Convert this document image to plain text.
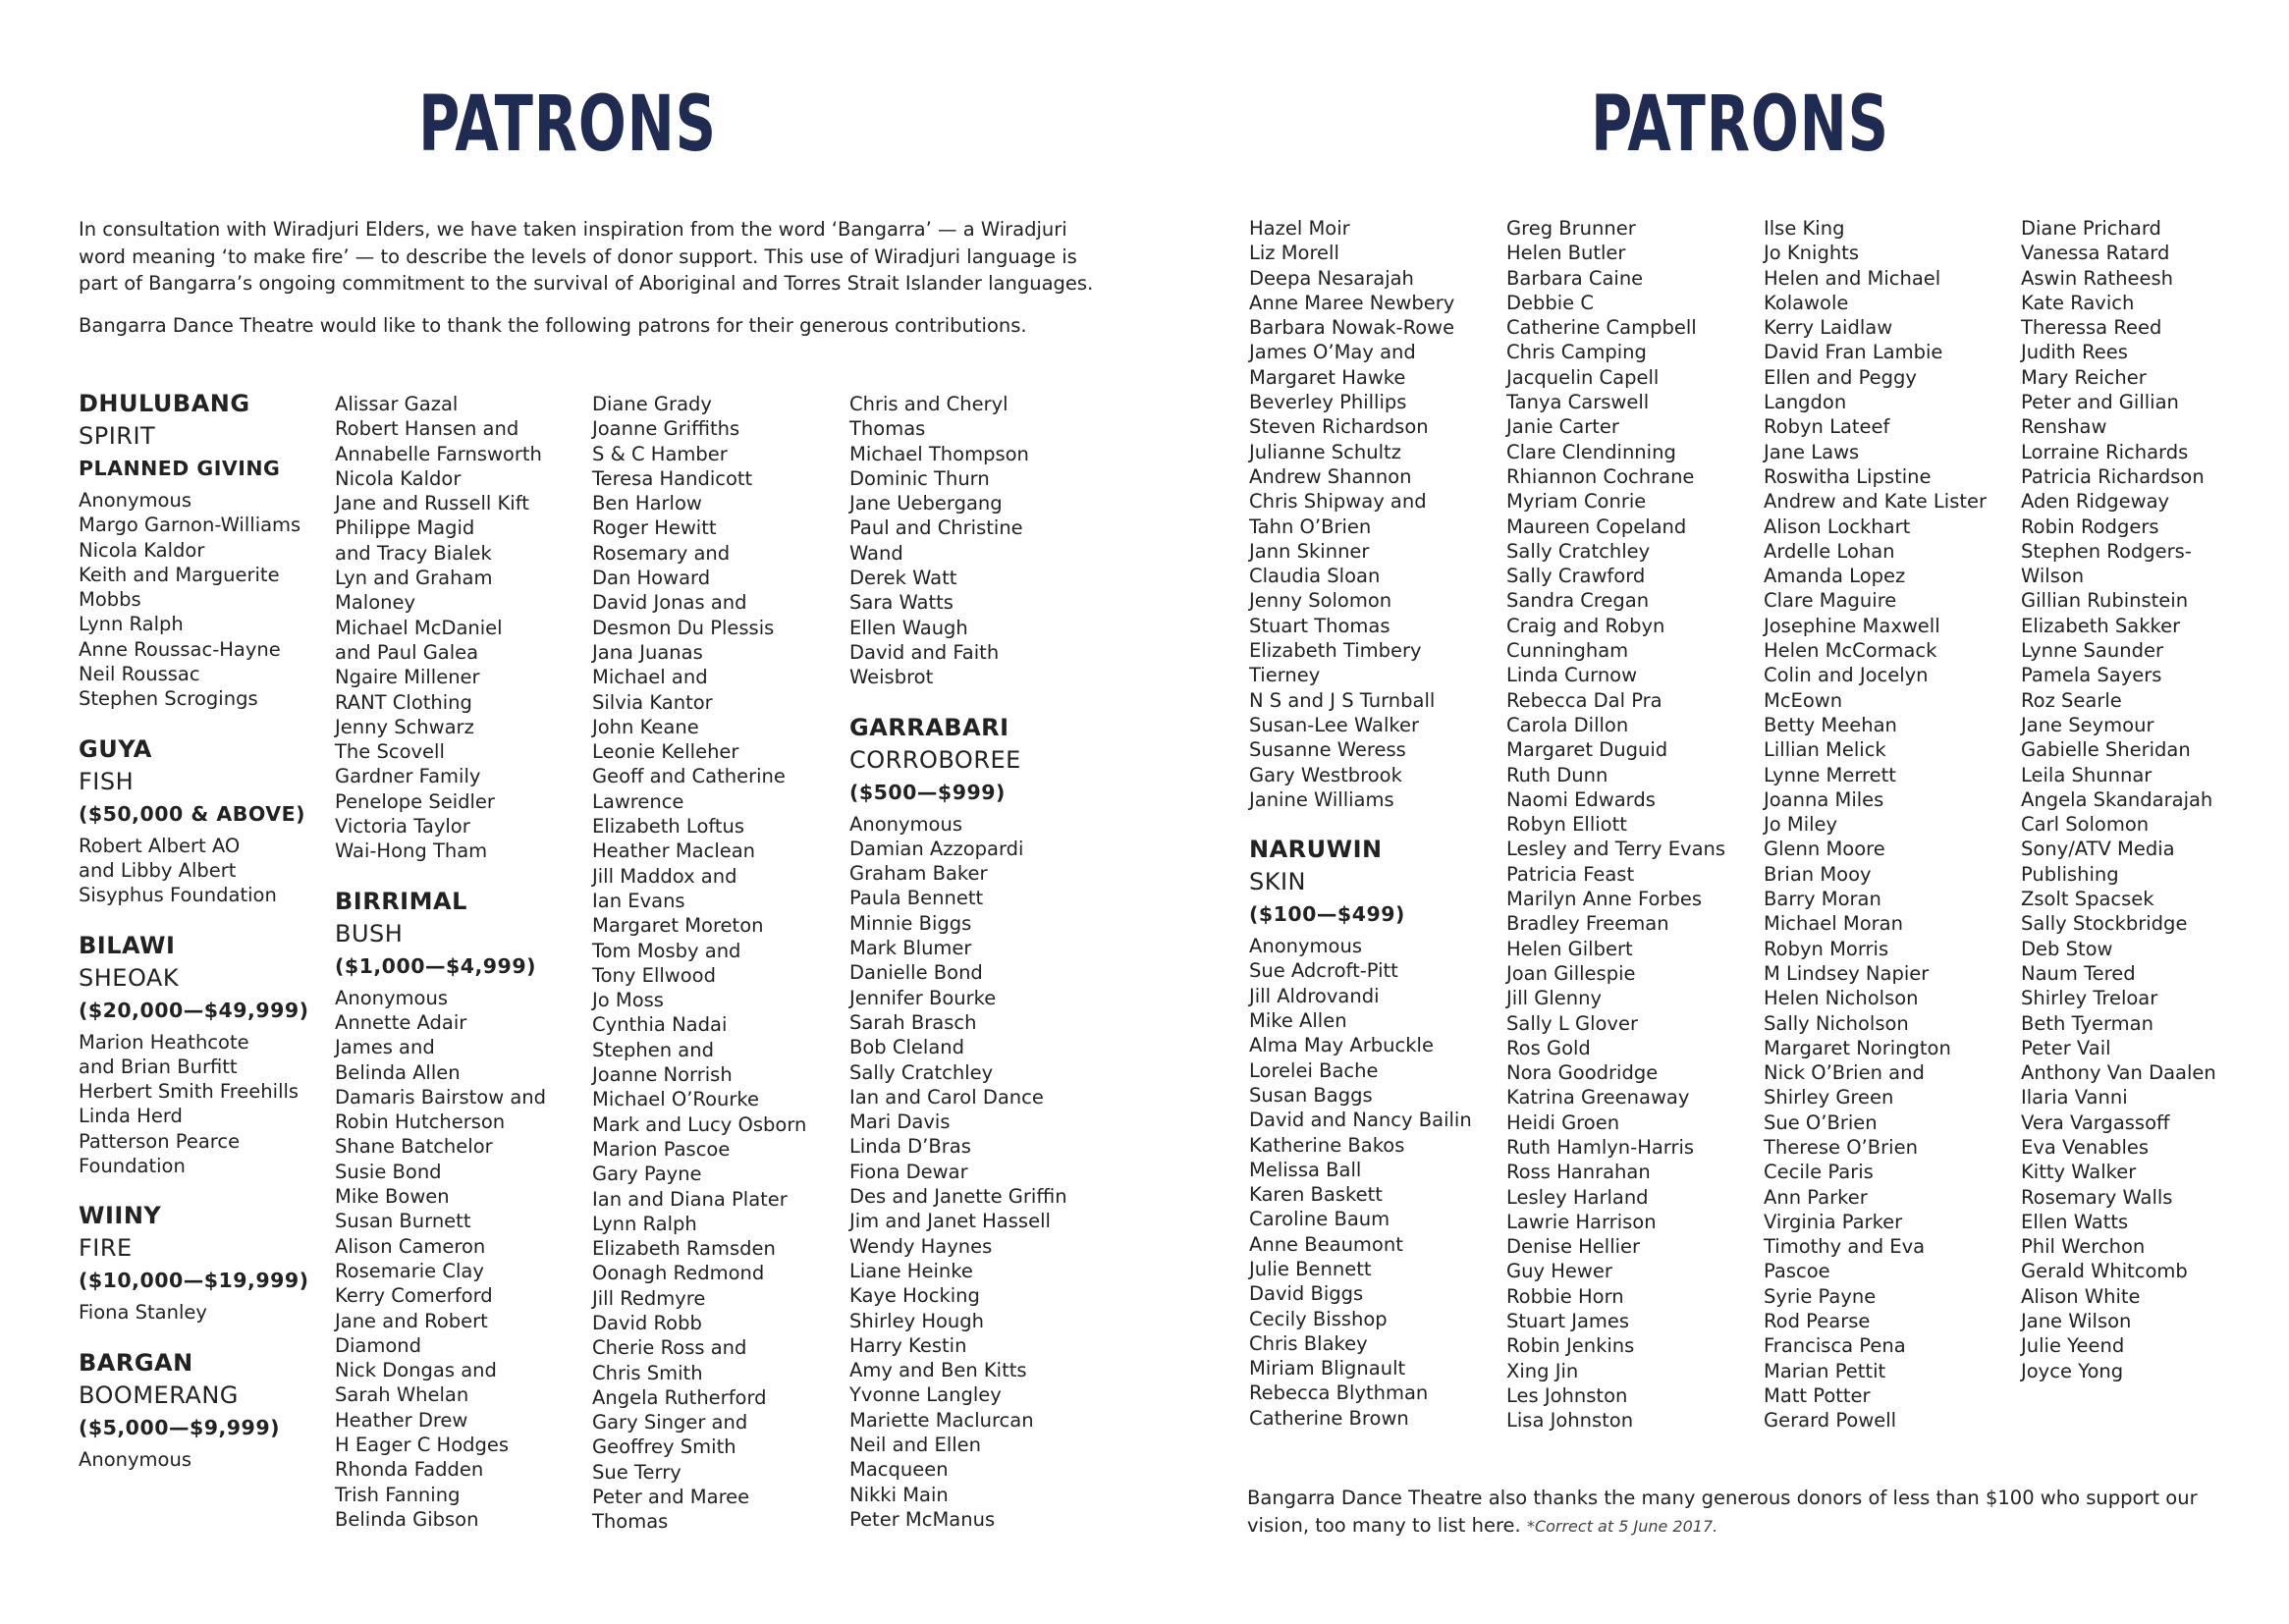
PATRONS	PATRONS

In consultation with Wiradjuri Elders, we have taken inspiration from the word ‘Bangarra’ — a Wiradjuri word meaning ‘to make fire’ — to describe the levels of donor support. This use of Wiradjuri language is part of Bangarra’s ongoing commitment to the survival of Aboriginal and Torres Strait Islander languages.

Bangarra Dance Theatre would like to thank the following patrons for their generous contributions.

DHULUBANG
SPIRIT
PLANNED GIVING
Anonymous
Margo Garnon-Williams
Nicola Kaldor
Keith and Marguerite
Mobbs
Lynn Ralph
Anne Roussac-Hayne
Neil Roussac
Stephen Scrogings
GUYA
FISH
($50,000 & ABOVE)
Robert Albert AO
and Libby Albert
Sisyphus Foundation
BILAWI
SHEOAK
($20,000—$49,999)
Marion Heathcote
and Brian Burfitt
Herbert Smith Freehills
Linda Herd
Patterson Pearce
Foundation
WIINY
FIRE
($10,000—$19,999)
Fiona Stanley
BARGAN
BOOMERANG
($5,000—$9,999)
Anonymous
Alissar Gazal
Robert Hansen and
Annabelle Farnsworth
Nicola Kaldor
Jane and Russell Kift
Philippe Magid
and Tracy Bialek
Lyn and Graham
Maloney
Michael McDaniel
and Paul Galea
Ngaire Millener
RANT Clothing
Jenny Schwarz
The Scovell
Gardner Family
Penelope Seidler
Victoria Taylor
Wai-Hong Tham
BIRRIMAL
BUSH
($1,000—$4,999)
Anonymous
Annette Adair
James and
Belinda Allen
Damaris Bairstow and
Robin Hutcherson
Shane Batchelor
Susie Bond
Mike Bowen
Susan Burnett
Alison Cameron
Rosemarie Clay
Kerry Comerford
Jane and Robert
Diamond
Nick Dongas and
Sarah Whelan
Heather Drew
H Eager C Hodges
Rhonda Fadden
Trish Fanning
Belinda Gibson
Diane Grady
Joanne Griffiths
S & C Hamber
Teresa Handicott
Ben Harlow
Roger Hewitt
Rosemary and
Dan Howard
David Jonas and
Desmon Du Plessis
Jana Juanas
Michael and
Silvia Kantor
John Keane
Leonie Kelleher
Geoff and Catherine
Lawrence
Elizabeth Loftus
Heather Maclean
Jill Maddox and
Ian Evans
Margaret Moreton
Tom Mosby and
Tony Ellwood
Jo Moss
Cynthia Nadai
Stephen and
Joanne Norrish
Michael O’Rourke
Mark and Lucy Osborn
Marion Pascoe
Gary Payne
Ian and Diana Plater
Lynn Ralph
Elizabeth Ramsden
Oonagh Redmond
Jill Redmyre
David Robb
Cherie Ross and
Chris Smith
Angela Rutherford
Gary Singer and
Geoffrey Smith
Sue Terry
Peter and Maree
Thomas
Chris and Cheryl
Thomas
Michael Thompson
Dominic Thurn
Jane Uebergang
Paul and Christine
Wand
Derek Watt
Sara Watts
Ellen Waugh
David and Faith
Weisbrot
GARRABARI
CORROBOREE
($500—$999)
Anonymous
Damian Azzopardi
Graham Baker
Paula Bennett
Minnie Biggs
Mark Blumer
Danielle Bond
Jennifer Bourke
Sarah Brasch
Bob Cleland
Sally Cratchley
Ian and Carol Dance
Mari Davis
Linda D’Bras
Fiona Dewar
Des and Janette Griffin
Jim and Janet Hassell
Wendy Haynes
Liane Heinke
Kaye Hocking
Shirley Hough
Harry Kestin
Amy and Ben Kitts
Yvonne Langley
Mariette Maclurcan
Neil and Ellen
Macqueen
Nikki Main
Peter McManus
Hazel Moir
Liz Morell
Deepa Nesarajah
Anne Maree Newbery
Barbara Nowak-Rowe
James O’May and
Margaret Hawke
Beverley Phillips
Steven Richardson
Julianne Schultz
Andrew Shannon
Chris Shipway and
Tahn O’Brien
Jann Skinner
Claudia Sloan
Jenny Solomon
Stuart Thomas
Elizabeth Timbery
Tierney
N S and J S Turnball
Susan-Lee Walker
Susanne Weress
Gary Westbrook
Janine Williams
NARUWIN
SKIN
($100—$499)
Anonymous
Sue Adcroft-Pitt
Jill Aldrovandi
Mike Allen
Alma May Arbuckle
Lorelei Bache
Susan Baggs
David and Nancy Bailin
Katherine Bakos
Melissa Ball
Karen Baskett
Caroline Baum
Anne Beaumont
Julie Bennett
David Biggs
Cecily Bisshop
Chris Blakey
Miriam Blignault
Rebecca Blythman
Catherine Brown
Greg Brunner
Helen Butler
Barbara Caine
Debbie C
Catherine Campbell
Chris Camping
Jacquelin Capell
Tanya Carswell
Janie Carter
Clare Clendinning
Rhiannon Cochrane
Myriam Conrie
Maureen Copeland
Sally Cratchley
Sally Crawford
Sandra Cregan
Craig and Robyn
Cunningham
Linda Curnow
Rebecca Dal Pra
Carola Dillon
Margaret Duguid
Ruth Dunn
Naomi Edwards
Robyn Elliott
Lesley and Terry Evans
Patricia Feast
Marilyn Anne Forbes
Bradley Freeman
Helen Gilbert
Joan Gillespie
Jill Glenny
Sally L Glover
Ros Gold
Nora Goodridge
Katrina Greenaway
Heidi Groen
Ruth Hamlyn-Harris
Ross Hanrahan
Lesley Harland
Lawrie Harrison
Denise Hellier
Guy Hewer
Robbie Horn
Stuart James
Robin Jenkins
Xing Jin
Les Johnston
Lisa Johnston
Ilse King
Jo Knights
Helen and Michael
Kolawole
Kerry Laidlaw
David Fran Lambie
Ellen and Peggy
Langdon
Robyn Lateef
Jane Laws
Roswitha Lipstine
Andrew and Kate Lister
Alison Lockhart
Ardelle Lohan
Amanda Lopez
Clare Maguire
Josephine Maxwell
Helen McCormack
Colin and Jocelyn
McEown
Betty Meehan
Lillian Melick
Lynne Merrett
Joanna Miles
Jo Miley
Glenn Moore
Brian Mooy
Barry Moran
Michael Moran
Robyn Morris
M Lindsey Napier
Helen Nicholson
Sally Nicholson
Margaret Norington
Nick O’Brien and
Shirley Green
Sue O’Brien
Therese O’Brien
Cecile Paris
Ann Parker
Virginia Parker
Timothy and Eva
Pascoe
Syrie Payne
Rod Pearse
Francisca Pena
Marian Pettit
Matt Potter
Gerard Powell
Diane Prichard
Vanessa Ratard
Aswin Ratheesh
Kate Ravich
Theressa Reed
Judith Rees
Mary Reicher
Peter and Gillian
Renshaw
Lorraine Richards
Patricia Richardson
Aden Ridgeway
Robin Rodgers
Stephen Rodgers-
Wilson
Gillian Rubinstein
Elizabeth Sakker
Lynne Saunder
Pamela Sayers
Roz Searle
Jane Seymour
Gabielle Sheridan
Leila Shunnar
Angela Skandarajah
Carl Solomon
Sony/ATV Media
Publishing
Zsolt Spacsek
Sally Stockbridge
Deb Stow
Naum Tered
Shirley Treloar
Beth Tyerman
Peter Vail
Anthony Van Daalen
Ilaria Vanni
Vera Vargassoff
Eva Venables
Kitty Walker
Rosemary Walls
Ellen Watts
Phil Werchon
Gerald Whitcomb
Alison White
Jane Wilson
Julie Yeend
Joyce Yong

Bangarra Dance Theatre also thanks the many generous donors of less than $100 who support our vision, too many to list here. *Correct at 5 June 2017.
